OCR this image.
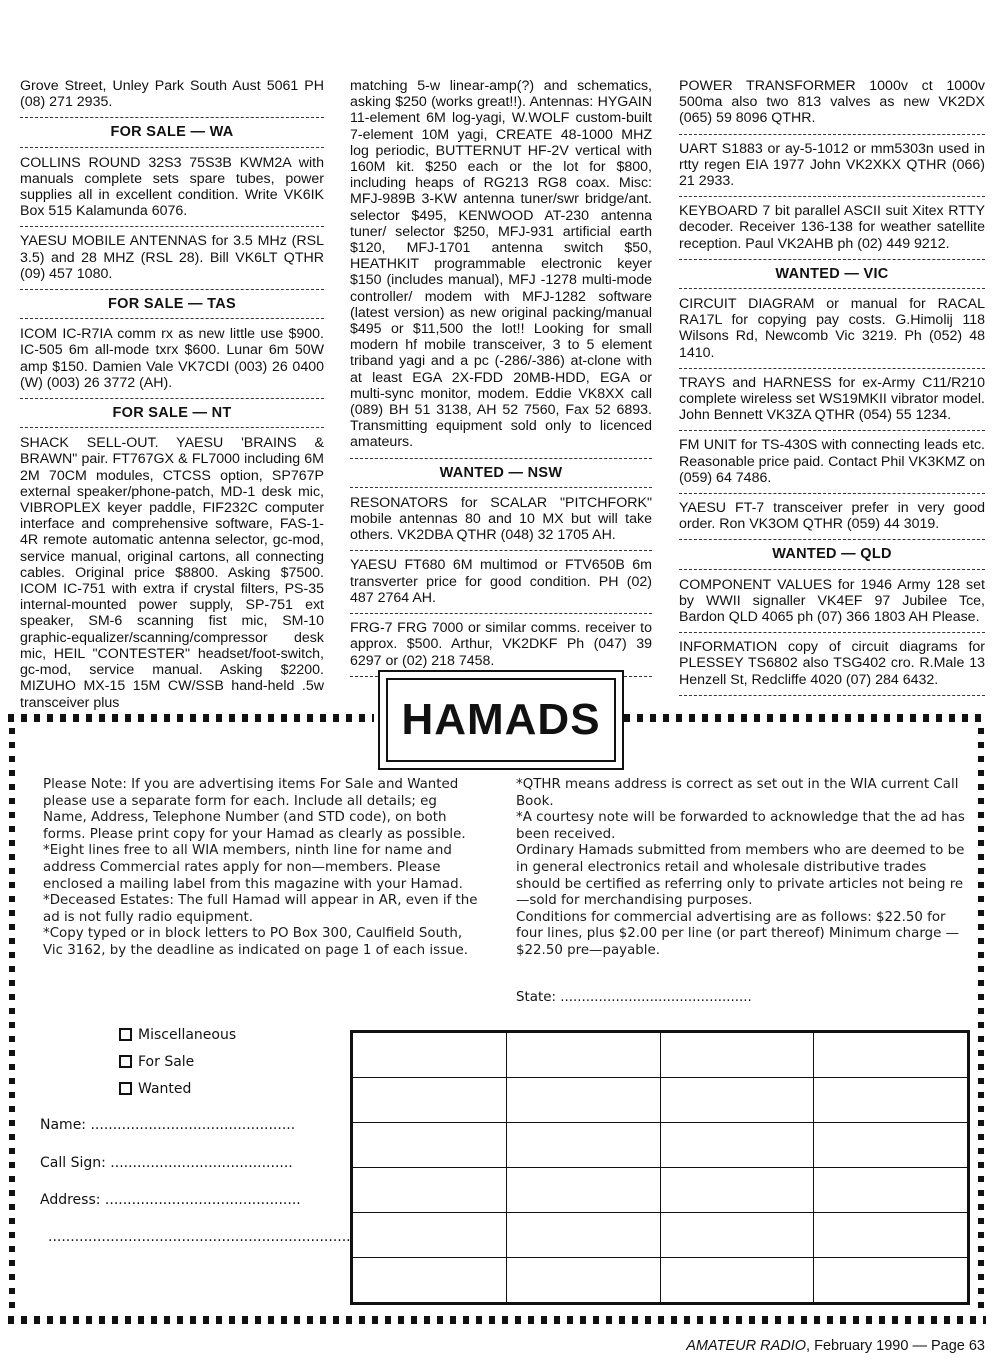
Grove Street, Unley Park South Aust 5061 PH (08) 271 2935.

FOR SALE — WA

COLLINS ROUND 32S3 75S3B KWM2A with manuals complete sets spare tubes, power supplies all in excellent condition. Write VK6IK Box 515 Kalamunda 6076.

YAESU MOBILE ANTENNAS for 3.5 MHz (RSL 3.5) and 28 MHZ (RSL 28). Bill VK6LT QTHR (09) 457 1080.

FOR SALE — TAS

ICOM IC-R7IA comm rx as new little use $900. IC-505 6m all-mode txrx $600. Lunar 6m 50W amp $150. Damien Vale VK7CDI (003) 26 0400 (W) (003) 26 3772 (AH).

FOR SALE — NT

SHACK SELL-OUT. YAESU 'BRAINS & BRAWN" pair. FT767GX & FL7000 including 6M 2M 70CM modules, CTCSS option, SP767P external speaker/phone-patch, MD-1 desk mic, VIBROPLEX keyer paddle, FIF232C computer interface and comprehensive software, FAS-1-4R remote automatic antenna selector, gc-mod, service manual, original cartons, all connecting cables. Original price $8800. Asking $7500. ICOM IC-751 with extra if crystal filters, PS-35 internal-mounted power supply, SP-751 ext speaker, SM-6 scanning fist mic, SM-10 graphic-equalizer/scanning/compressor desk mic, HEIL "CONTESTER" headset/foot-switch, gc-mod, service manual. Asking $2200. MIZUHO MX-15 15M CW/SSB hand-held .5w transceiver plus

matching 5-w linear-amp(?) and schematics, asking $250 (works great!!). Antennas: HYGAIN 11-element 6M log-yagi, W.WOLF custom-built 7-element 10M yagi, CREATE 48-1000 MHZ log periodic, BUTTERNUT HF-2V vertical with 160M kit. $250 each or the lot for $800, including heaps of RG213 RG8 coax. Misc: MFJ-989B 3-KW antenna tuner/swr bridge/ant. selector $495, KENWOOD AT-230 antenna tuner/ selector $250, MFJ-931 artificial earth $120, MFJ-1701 antenna switch $50, HEATHKIT programmable electronic keyer $150 (includes manual), MFJ -1278 multi-mode controller/ modem with MFJ-1282 software (latest version) as new original packing/manual $495 or $11,500 the lot!! Looking for small modern hf mobile transceiver, 3 to 5 element triband yagi and a pc (-286/-386) at-clone with at least EGA 2X-FDD 20MB-HDD, EGA or multi-sync monitor, modem. Eddie VK8XX call (089) BH 51 3138, AH 52 7560, Fax 52 6893. Transmitting equipment sold only to licenced amateurs.

WANTED — NSW

RESONATORS for SCALAR "PITCHFORK" mobile antennas 80 and 10 MX but will take others. VK2DBA QTHR (048) 32 1705 AH.

YAESU FT680 6M multimod or FTV650B 6m transverter price for good condition. PH (02) 487 2764 AH.

FRG-7 FRG 7000 or similar comms. receiver to approx. $500. Arthur, VK2DKF Ph (047) 39 6297 or (02) 218 7458.

POWER TRANSFORMER 1000v ct 1000v 500ma also two 813 valves as new VK2DX (065) 59 8096 QTHR.

UART S1883 or ay-5-1012 or mm5303n used in rtty regen EIA 1977 John VK2XKX QTHR (066) 21 2933.

KEYBOARD 7 bit parallel ASCII suit Xitex RTTY decoder. Receiver 136-138 for weather satellite reception. Paul VK2AHB ph (02) 449 9212.

WANTED — VIC

CIRCUIT DIAGRAM or manual for RACAL RA17L for copying pay costs. G.Himolij 118 Wilsons Rd, Newcomb Vic 3219. Ph (052) 48 1410.

TRAYS and HARNESS for ex-Army C11/R210 complete wireless set WS19MKII vibrator model. John Bennett VK3ZA QTHR (054) 55 1234.

FM UNIT for TS-430S with connecting leads etc. Reasonable price paid. Contact Phil VK3KMZ on (059) 64 7486.

YAESU FT-7 transceiver prefer in very good order. Ron VK3OM QTHR (059) 44 3019.

WANTED — QLD

COMPONENT VALUES for 1946 Army 128 set by WWII signaller VK4EF 97 Jubilee Tce, Bardon QLD 4065 ph (07) 366 1803 AH Please.

INFORMATION copy of circuit diagrams for PLESSEY TS6802 also TSG402 cro. R.Male 13 Henzell St, Redcliffe 4020 (07) 284 6432.

HAMADS

Please Note: If you are advertising items For Sale and Wanted please use a separate form for each. Include all details; eg Name, Address, Telephone Number (and STD code), on both forms. Please print copy for your Hamad as clearly as possible.

*Eight lines free to all WIA members, ninth line for name and address Commercial rates apply for non—members. Please enclosed a mailing label from this magazine with your Hamad.

*Deceased Estates: The full Hamad will appear in AR, even if the ad is not fully radio equipment.

*Copy typed or in block letters to PO Box 300, Caulfield South, Vic 3162, by the deadline as indicated on page 1 of each issue.

*QTHR means address is correct as set out in the WIA current Call Book.

*A courtesy note will be forwarded to acknowledge that the ad has been received.

Ordinary Hamads submitted from members who are deemed to be in general electronics retail and wholesale distributive trades should be certified as referring only to private articles not being re—sold for merchandising purposes.

Conditions for commercial advertising are as follows: $22.50 for four lines, plus $2.00 per line (or part thereof) Minimum charge — $22.50 pre—payable.

State: .............................................
Miscellaneous
For Sale
Wanted
Name: ..............................................
Call Sign: .........................................
Address: ............................................
....................................................................

AMATEUR RADIO, February 1990 — Page 63
